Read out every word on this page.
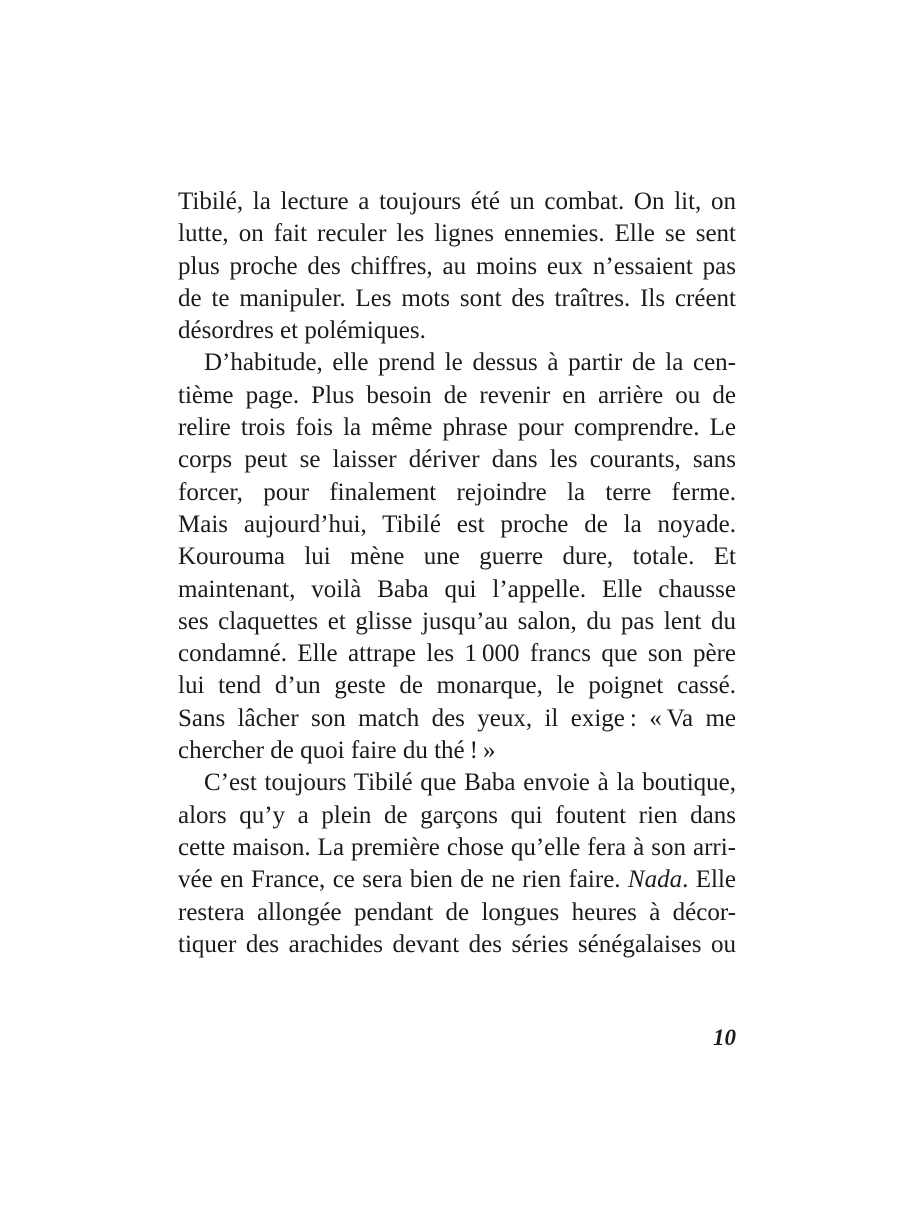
Tibilé, la lecture a toujours été un combat. On lit, on
lutte, on fait reculer les lignes ennemies. Elle se sent
plus proche des chiffres, au moins eux n’essaient pas
de te manipuler. Les mots sont des traîtres. Ils créent
désordres et polémiques.
D’habitude, elle prend le dessus à partir de la cen-
tième page. Plus besoin de revenir en arrière ou de
relire trois fois la même phrase pour comprendre. Le
corps peut se laisser dériver dans les courants, sans
forcer, pour finalement rejoindre la terre ferme.
Mais aujourd’hui, Tibilé est proche de la noyade.
Kourouma lui mène une guerre dure, totale. Et
maintenant, voilà Baba qui l’appelle. Elle chausse
ses claquettes et glisse jusqu’au salon, du pas lent du
condamné. Elle attrape les 1 000 francs que son père
lui tend d’un geste de monarque, le poignet cassé.
Sans lâcher son match des yeux, il exige : « Va me
chercher de quoi faire du thé ! »
C’est toujours Tibilé que Baba envoie à la boutique,
alors qu’y a plein de garçons qui foutent rien dans
cette maison. La première chose qu’elle fera à son arri-
vée en France, ce sera bien de ne rien faire. Nada. Elle
restera allongée pendant de longues heures à décor-
tiquer des arachides devant des séries sénégalaises ou
10
